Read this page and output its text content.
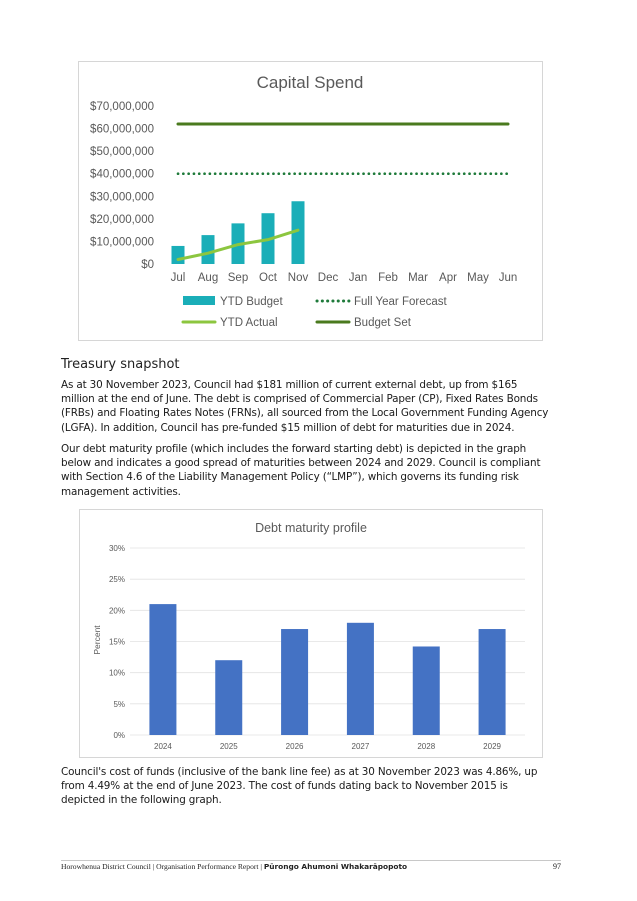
Capital Spend
$0
$10,000,000
$20,000,000
$30,000,000
$40,000,000
$50,000,000
$60,000,000
$70,000,000
Jul Aug Sep Oct Nov Dec Jan Feb Mar Apr May Jun
YTD Budget	Full Year Forecast
YTD Actual	Budget Set
Treasury snapshot

As at 30 November 2023, Council had $181 million of current external debt, up from $165 million at the end of June. The debt is comprised of Commercial Paper (CP), Fixed Rates Bonds (FRBs) and Floating Rates Notes (FRNs), all sourced from the Local Government Funding Agency (LGFA). In addition, Council has pre-funded $15 million of debt for maturities due in 2024.

Our debt maturity profile (which includes the forward starting debt) is depicted in the graph below and indicates a good spread of maturities between 2024 and 2029. Council is compliant with Section 4.6 of the Liability Management Policy (“LMP”), which governs its funding risk management activities.

Debt maturity profile
Percent
0%
5%
10%
15%
20%
25%
30%
2024	2025	2026	2027	2028	2029

Council's cost of funds (inclusive of the bank line fee) as at 30 November 2023 was 4.86%, up from 4.49% at the end of June 2023. The cost of funds dating back to November 2015 is depicted in the following graph.

Horowhenua District Council | Organisation Performance Report | Pūrongo Ahumoni Whakarāpopoto	97
